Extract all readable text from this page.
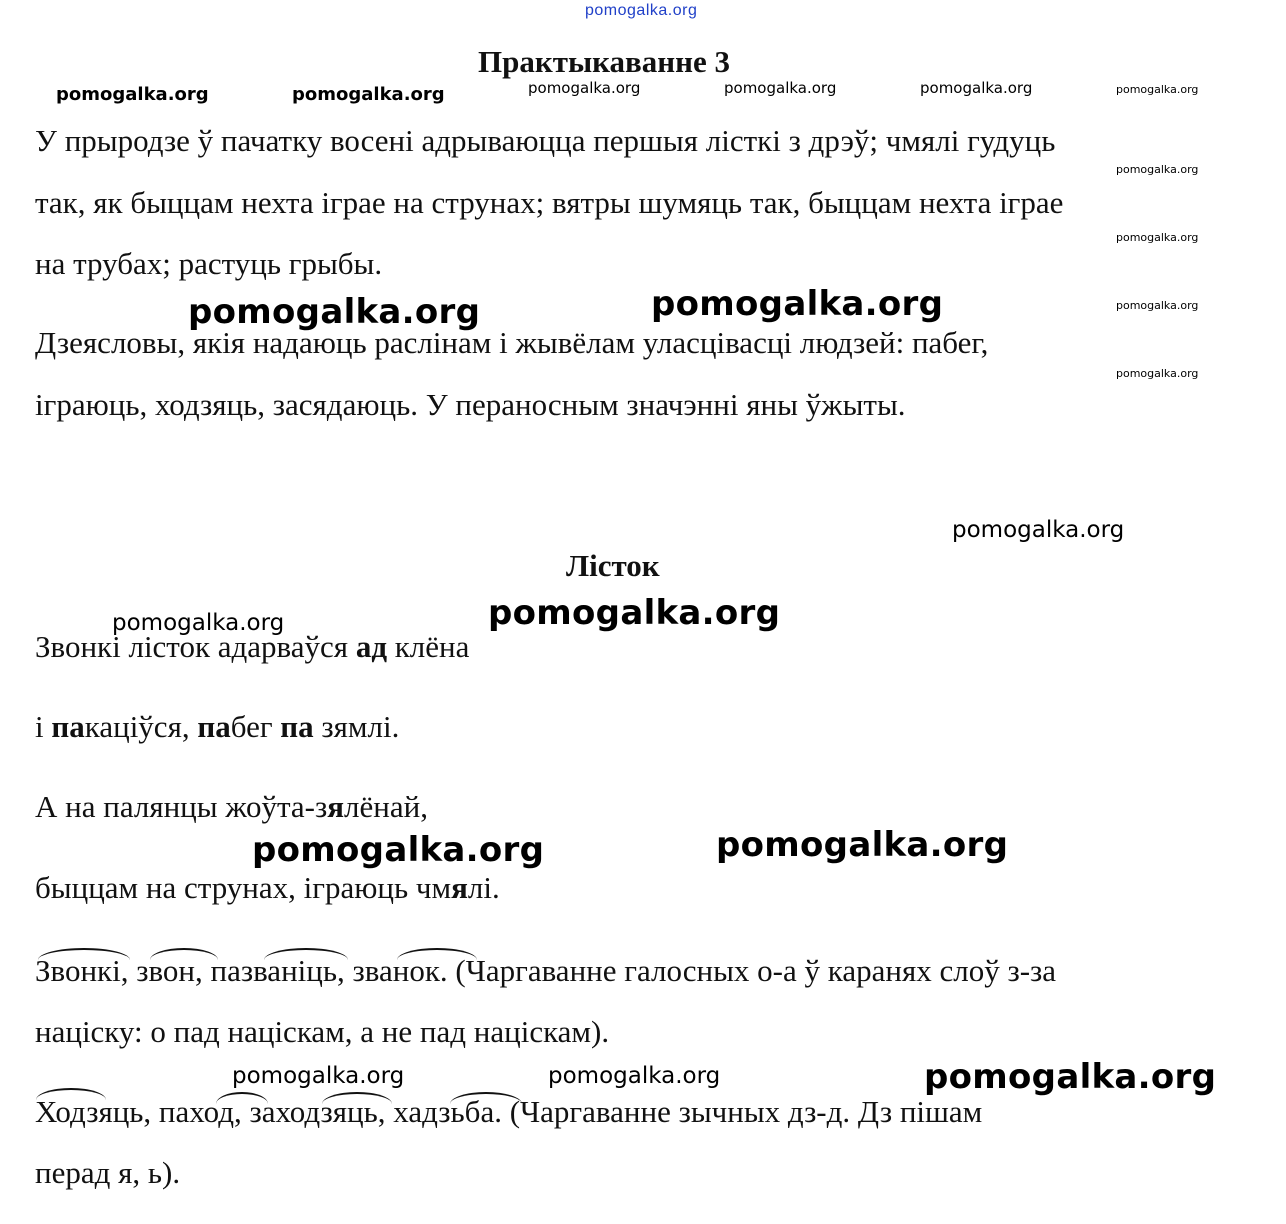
pomogalka.org
Практыкаванне 3
pomogalka.org	pomogalka.org	pomogalka.org	pomogalka.org	pomogalka.org	pomogalka.org
У прыродзе ў пачатку восені адрываюцца першыя лісткі з дрэў; чмялі гудуць
так, як быццам нехта іграе на струнах; вятры шумяць так, быццам нехта іграе
на трубах; растуць грыбы.
pomogalka.org
pomogalka.org
pomogalka.org
pomogalka.org
pomogalka.org	pomogalka.org
Дзеясловы, якія надаюць раслінам і жывёлам уласцівасці людзей: пабег,
іграюць, ходзяць, засядаюць. У пераносным значэнні яны ўжыты.
pomogalka.org
Лісток
pomogalka.org	pomogalka.org
Звонкі лісток адарваўся ад клёна
і пакаціўся, пабег па зямлі.
А на палянцы жоўта-зялёнай,
pomogalka.org	pomogalka.org
быццам на струнах, іграюць чмялі.
Звонкі, звон, пазваніць, званок. (Чаргаванне галосных о-а ў каранях слоў з-за
націску: о пад націскам, а не пад націскам).
pomogalka.org	pomogalka.org	pomogalka.org
Ходзяць, паход, заходзяць, хадзьба. (Чаргаванне зычных дз-д. Дз пішам
перад я, ь).
